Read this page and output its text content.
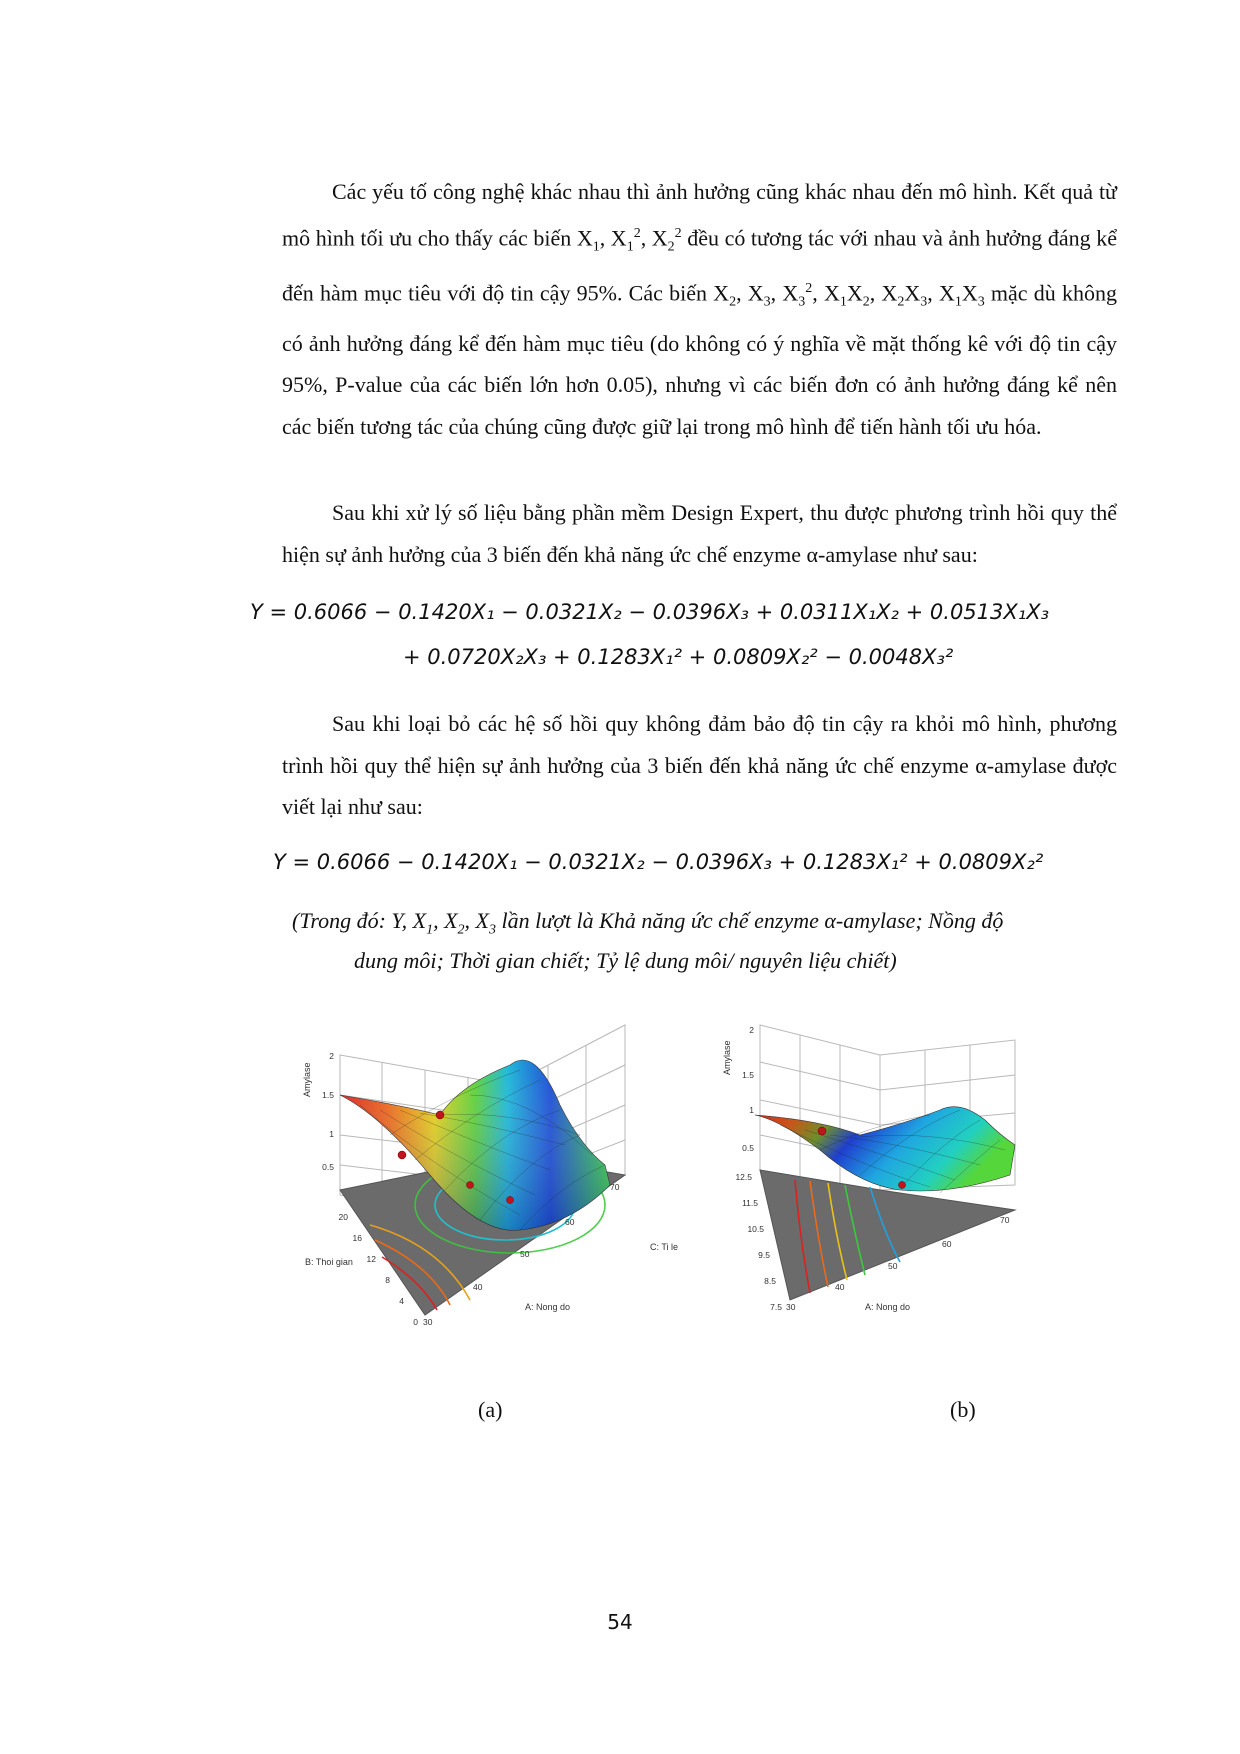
Các yếu tố công nghệ khác nhau thì ảnh hưởng cũng khác nhau đến mô hình. Kết quả từ mô hình tối ưu cho thấy các biến $X_1$, $X_1^2$, $X_2^2$ đều có tương tác với nhau và ảnh hưởng đáng kể đến hàm mục tiêu với độ tin cậy 95%. Các biến $X_2$, $X_3$, $X_3^2$, $X_1X_2$, $X_2X_3$, $X_1X_3$ mặc dù không có ảnh hưởng đáng kể đến hàm mục tiêu (do không có ý nghĩa về mặt thống kê với độ tin cậy 95%, P-value của các biến lớn hơn 0.05), nhưng vì các biến đơn có ảnh hưởng đáng kể nên các biến tương tác của chúng cũng được giữ lại trong mô hình để tiến hành tối ưu hóa.
Sau khi xử lý số liệu bằng phần mềm Design Expert, thu được phương trình hồi quy thể hiện sự ảnh hưởng của 3 biến đến khả năng ức chế enzyme α-amylase như sau:
Y = 0.6066 − 0.1420X₁ − 0.0321X₂ − 0.0396X₃ + 0.0311X₁X₂ + 0.0513X₁X₃
+ 0.0720X₂X₃ + 0.1283X₁² + 0.0809X₂² − 0.0048X₃²
Sau khi loại bỏ các hệ số hồi quy không đảm bảo độ tin cậy ra khỏi mô hình, phương trình hồi quy thể hiện sự ảnh hưởng của 3 biến đến khả năng ức chế enzyme α-amylase được viết lại như sau:
Y = 0.6066 − 0.1420X₁ − 0.0321X₂ − 0.0396X₃ + 0.1283X₁² + 0.0809X₂²
(Trong đó: Y, $X_1$, $X_2$, $X_3$ lần lượt là Khả năng ức chế enzyme α-amylase; Nồng độ
dung môi; Thời gian chiết; Tỷ lệ dung môi/ nguyên liệu chiết)
Amylase
0.5
1
1.5
2
30
40
50
60
70
0
4
8
12
16
20
B: Thoi gian
A: Nong do
Amylase
0.5
1
1.5
2
30
40
50
60
70
7.5
8.5
9.5
10.5
11.5
12.5
C: Ti le
A: Nong do
(a)	(b)
54
